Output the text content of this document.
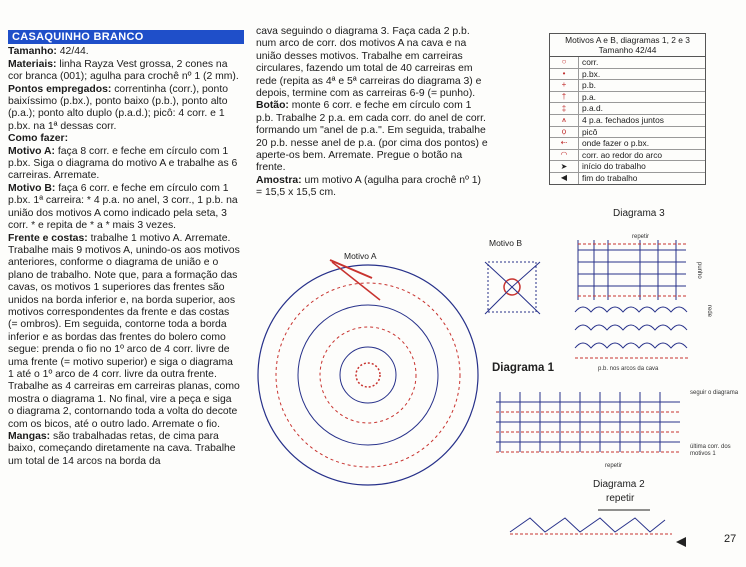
CASAQUINHO BRANCO

Tamanho: 42/44.

Materiais: linha Rayza Vest grossa, 2 cones na cor branca (001); agulha para crochê nº 1 (2 mm).

Pontos empregados: correntinha (corr.), ponto baixíssimo (p.bx.), ponto baixo (p.b.), ponto alto (p.a.); ponto alto duplo (p.a.d.); picô: 4 corr. e 1 p.bx. na 1ª dessas corr.

Como fazer:

Motivo A: faça 8 corr. e feche em círculo com 1 p.bx. Siga o diagrama do motivo A e trabalhe as 6 carreiras. Arremate.

Motivo B: faça 6 corr. e feche em círculo com 1 p.bx. 1ª carreira: * 4 p.a. no anel, 3 corr., 1 p.b. na união dos motivos A como indicado pela seta, 3 corr. * e repita de * a * mais 3 vezes.

Frente e costas: trabalhe 1 motivo A. Arremate. Trabalhe mais 9 motivos A, unindo-os aos motivos anteriores, conforme o diagrama de união e o plano de trabalho. Note que, para a formação das cavas, os motivos 1 superiores das frentes são unidos na borda inferior e, na borda superior, aos motivos correspondentes da frente e das costas (= ombros). Em seguida, contorne toda a borda inferior e as bordas das frentes do bolero como segue: prenda o fio no 1º arco de 4 corr. livre de uma frente (= motivo superior) e siga o diagrama 1 até o 1º arco de 4 corr. livre da outra frente. Trabalhe as 4 carreiras em carreiras planas, como mostra o diagrama 1. No final, vire a peça e siga o diagrama 2, contornando toda a volta do decote com os bicos, até o outro lado. Arremate o fio.

Mangas: são trabalhadas retas, de cima para baixo, começando diretamente na cava. Trabalhe um total de 14 arcos na borda da

cava seguindo o diagrama 3. Faça cada 2 p.b. num arco de corr. dos motivos A na cava e na união desses motivos. Trabalhe em carreiras circulares, fazendo um total de 40 carreiras em rede (repita as 4ª e 5ª carreiras do diagrama 3) e depois, termine com as carreiras 6-9 (= punho).

Botão: monte 6 corr. e feche em círculo com 1 p.b. Trabalhe 2 p.a. em cada corr. do anel de corr. formando um "anel de p.a.". Em seguida, trabalhe 20 p.b. nesse anel de p.a. (por cima dos pontos) e aperte-os bem. Arremate. Pregue o botão na frente.

Amostra: um motivo A (agulha para crochê nº 1) = 15,5 x 15,5 cm.

Motivos A e B, diagramas 1, 2 e 3
Tamanho 42/44
○	corr.
•	p.bx.
+	p.b.
†	p.a.
‡	p.a.d.
⩚	4 p.a. fechados juntos
ọ	picô
⇠	onde fazer o p.bx.
◠	corr. ao redor do arco
➤	início do trabalho
◀	fim do trabalho
Motivo A
Motivo B
Diagrama 3
Diagrama 1
Diagrama 2
repetir
repetir
repetir
punho
rede
p.b. nos arcos da cava
seguir o diagrama
última corr. dos motivos 1
27
